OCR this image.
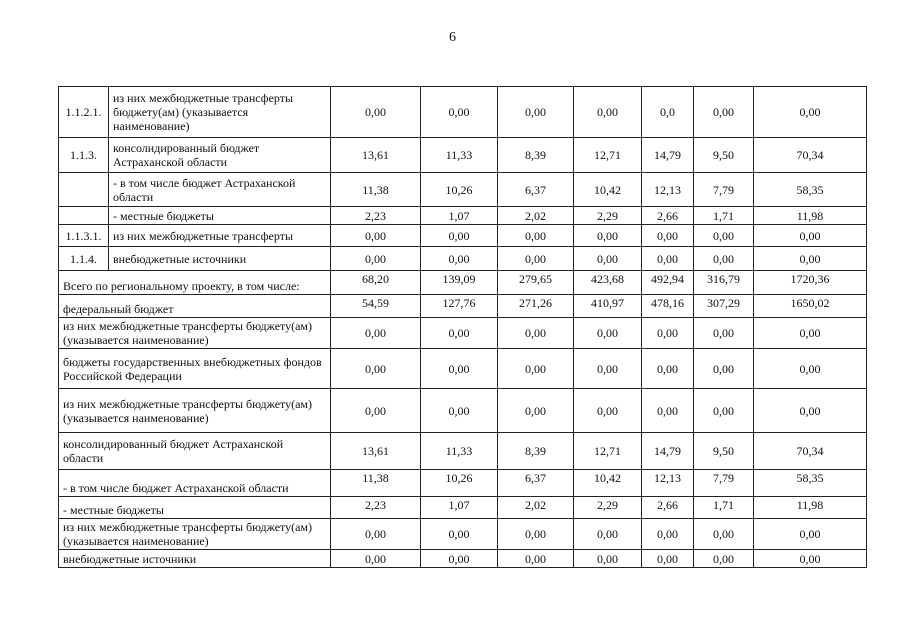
6
1.1.2.1.	из них межбюджетные трансферты бюджету(ам) (указывается наименование)	0,00	0,00	0,00	0,00	0,0	0,00	0,00
1.1.3.	консолидированный бюджет Астраханской области	13,61	11,33	8,39	12,71	14,79	9,50	70,34
	- в том числе бюджет Астраханской области	11,38	10,26	6,37	10,42	12,13	7,79	58,35
	- местные бюджеты	2,23	1,07	2,02	2,29	2,66	1,71	11,98
1.1.3.1.	из них межбюджетные трансферты	0,00	0,00	0,00	0,00	0,00	0,00	0,00
1.1.4.	внебюджетные источники	0,00	0,00	0,00	0,00	0,00	0,00	0,00
Всего по региональному проекту, в том числе:		68,20	139,09	279,65	423,68	492,94	316,79	1720,36
федеральный бюджет		54,59	127,76	271,26	410,97	478,16	307,29	1650,02
из них межбюджетные трансферты бюджету(ам) (указывается наименование)		0,00	0,00	0,00	0,00	0,00	0,00	0,00
бюджеты государственных внебюджетных фондов Российской Федерации		0,00	0,00	0,00	0,00	0,00	0,00	0,00
из них межбюджетные трансферты бюджету(ам) (указывается наименование)		0,00	0,00	0,00	0,00	0,00	0,00	0,00
консолидированный бюджет Астраханской области		13,61	11,33	8,39	12,71	14,79	9,50	70,34
- в том числе бюджет Астраханской области		11,38	10,26	6,37	10,42	12,13	7,79	58,35
- местные бюджеты		2,23	1,07	2,02	2,29	2,66	1,71	11,98
из них межбюджетные трансферты бюджету(ам) (указывается наименование)		0,00	0,00	0,00	0,00	0,00	0,00	0,00
внебюджетные источники		0,00	0,00	0,00	0,00	0,00	0,00	0,00
